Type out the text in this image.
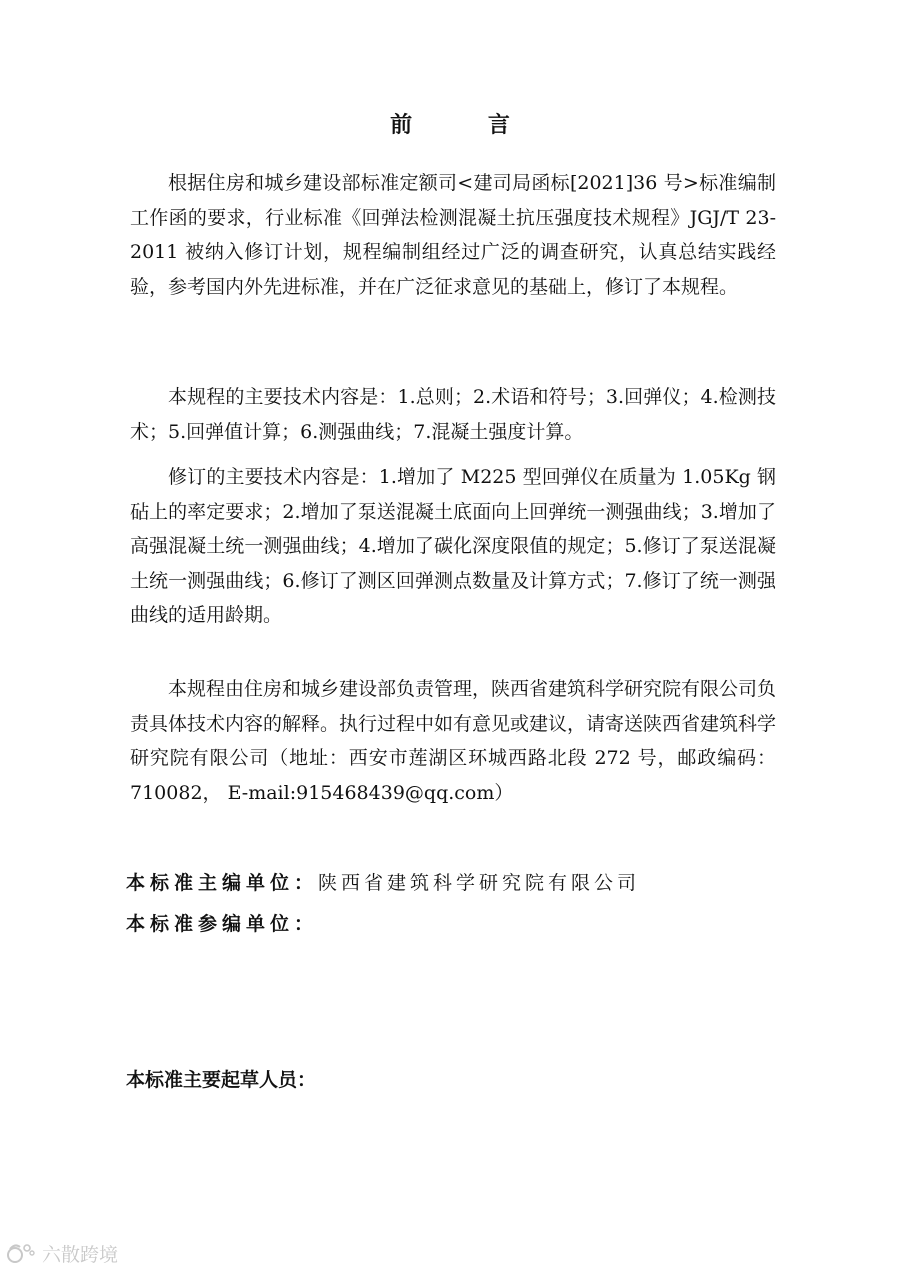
前 言
根据住房和城乡建设部标准定额司<建司局函标[2021]36 号>标准编制工作函的要求，行业标准《回弹法检测混凝土抗压强度技术规程》JGJ/T 23-2011 被纳入修订计划，规程编制组经过广泛的调查研究，认真总结实践经验，参考国内外先进标准，并在广泛征求意见的基础上，修订了本规程。
本规程的主要技术内容是：1.总则；2.术语和符号；3.回弹仪；4.检测技术；5.回弹值计算；6.测强曲线；7.混凝土强度计算。
修订的主要技术内容是：1.增加了 M225 型回弹仪在质量为 1.05Kg 钢砧上的率定要求；2.增加了泵送混凝土底面向上回弹统一测强曲线；3.增加了高强混凝土统一测强曲线；4.增加了碳化深度限值的规定；5.修订了泵送混凝土统一测强曲线；6.修订了测区回弹测点数量及计算方式；7.修订了统一测强曲线的适用龄期。
本规程由住房和城乡建设部负责管理，陕西省建筑科学研究院有限公司负责具体技术内容的解释。执行过程中如有意见或建议，请寄送陕西省建筑科学研究院有限公司（地址：西安市莲湖区环城西路北段 272 号，邮政编码：710082， E-mail:915468439@qq.com）
本标准主编单位：陕西省建筑科学研究院有限公司
本标准参编单位：
本标准主要起草人员：
六散跨境
